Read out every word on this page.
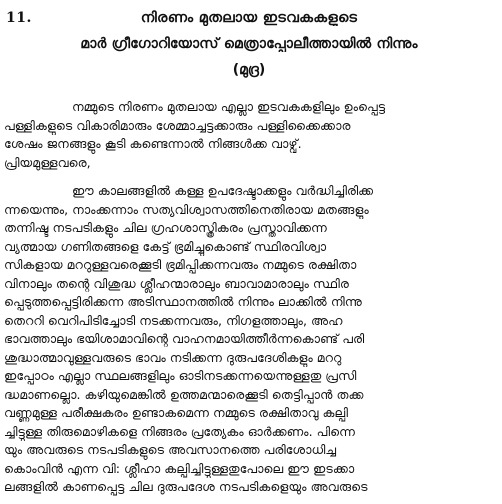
11.	നിരണം മുതലായ ഇടവകകളുടെ
മാർ ഗ്രീഗോറിയോസ് മെത്രാപ്പോലീത്തായിൽ നിന്നും
(മുദ്ര)
നമ്മുടെ നിരണം മുതലായ എല്ലാ ഇടവകകളിലും ഉംപ്പെട്ട
പള്ളികളുടെ വികാരിമാരും ശേമ്മാച്ചട്ടക്കാരും പള്ളിക്കൈക്കാര
ശേഷം ജനങ്ങളും കൂടി കണ്ടെന്നാൽ നിങ്ങൾക്ക വാഴ്വ്.
പ്രിയമുള്ളവരെ,
ഈ കാലങ്ങളിൽ കള്ള ഉപദേഷ്ടാക്കളും വർദ്ധിച്ചിരിക്ക
ന്നയെന്നും, നാംക്കന്നാം സത്യവിശ്വാസത്തിനെതിരായ മതങ്ങളും
തന്നിഷ്ട നടപടികളും ചില ഗ്രഹശാസ്ത്രികരം പ്രസ്താവിക്കന്ന
വ്യത്മായ ഗണിതങ്ങളെ കേട്ട് ഭ്രമിച്ചുകൊണ്ട് സ്ഥിരവിശ്വാ
സികളായ മററുള്ളവരെക്കൂടി ഭ്രമിപ്പിക്കന്നവരും നമ്മുടെ രക്ഷിതാ
വിനാലും തന്റെ വിശുദ്ധ ശ്ലീഹന്മാരാലും ബാവാമാരാലും സ്ഥിര
പ്പെടുത്തപ്പെട്ടിരിക്കന്ന അടിസ്ഥാനത്തിൽ നിന്നും ലാക്കിൽ നിന്നു
തെററി വെറിപിടിച്ചോടി നടക്കന്നവരും, നിഗളത്താലും, അഹ
ഭാവത്താലും ഭയിശാമാവിന്റെ വാഹനമായിത്തീർന്നകൊണ്ട് പരി
ശുദ്ധാത്മാവുള്ളവരുടെ ഭാവം നടിക്കന്ന ദുരുപദേശികളും മററു
ഇപ്പോഠം എല്ലാ സ്ഥലങ്ങളിലും ഓടിനടക്കന്നയെന്നുള്ളതു പ്രസി
ദ്ധമാണല്ലൊ. കഴിയുമെങ്കിൽ ഉത്തമന്മാരെക്കൂടി തെട്ടിപ്പാൻ തക്ക
വണ്ണമുള്ള പരീക്ഷകരം ഉണ്ടാകമെന്ന നമ്മുടെ രക്ഷിതാവു കല്പി
ച്ചിട്ടുള്ള തിരുമൊഴികളെ നിങ്ങരം പ്രത്യേകം ഓർക്കണം. പിന്നെ
യും അവരുടെ നടപടികളുടെ അവസാനത്തെ പരിശോധിച്ച
കൊംവിൻ എന്ന വി: ശ്ലീഹാ കല്പിച്ചിട്ടുള്ളതുപോലെ ഈ ഇടക്കാ
ലങ്ങളിൽ കാണപ്പെട്ട ചില ദുരുപദേശ നടപടികളെയും അവരുടെ
